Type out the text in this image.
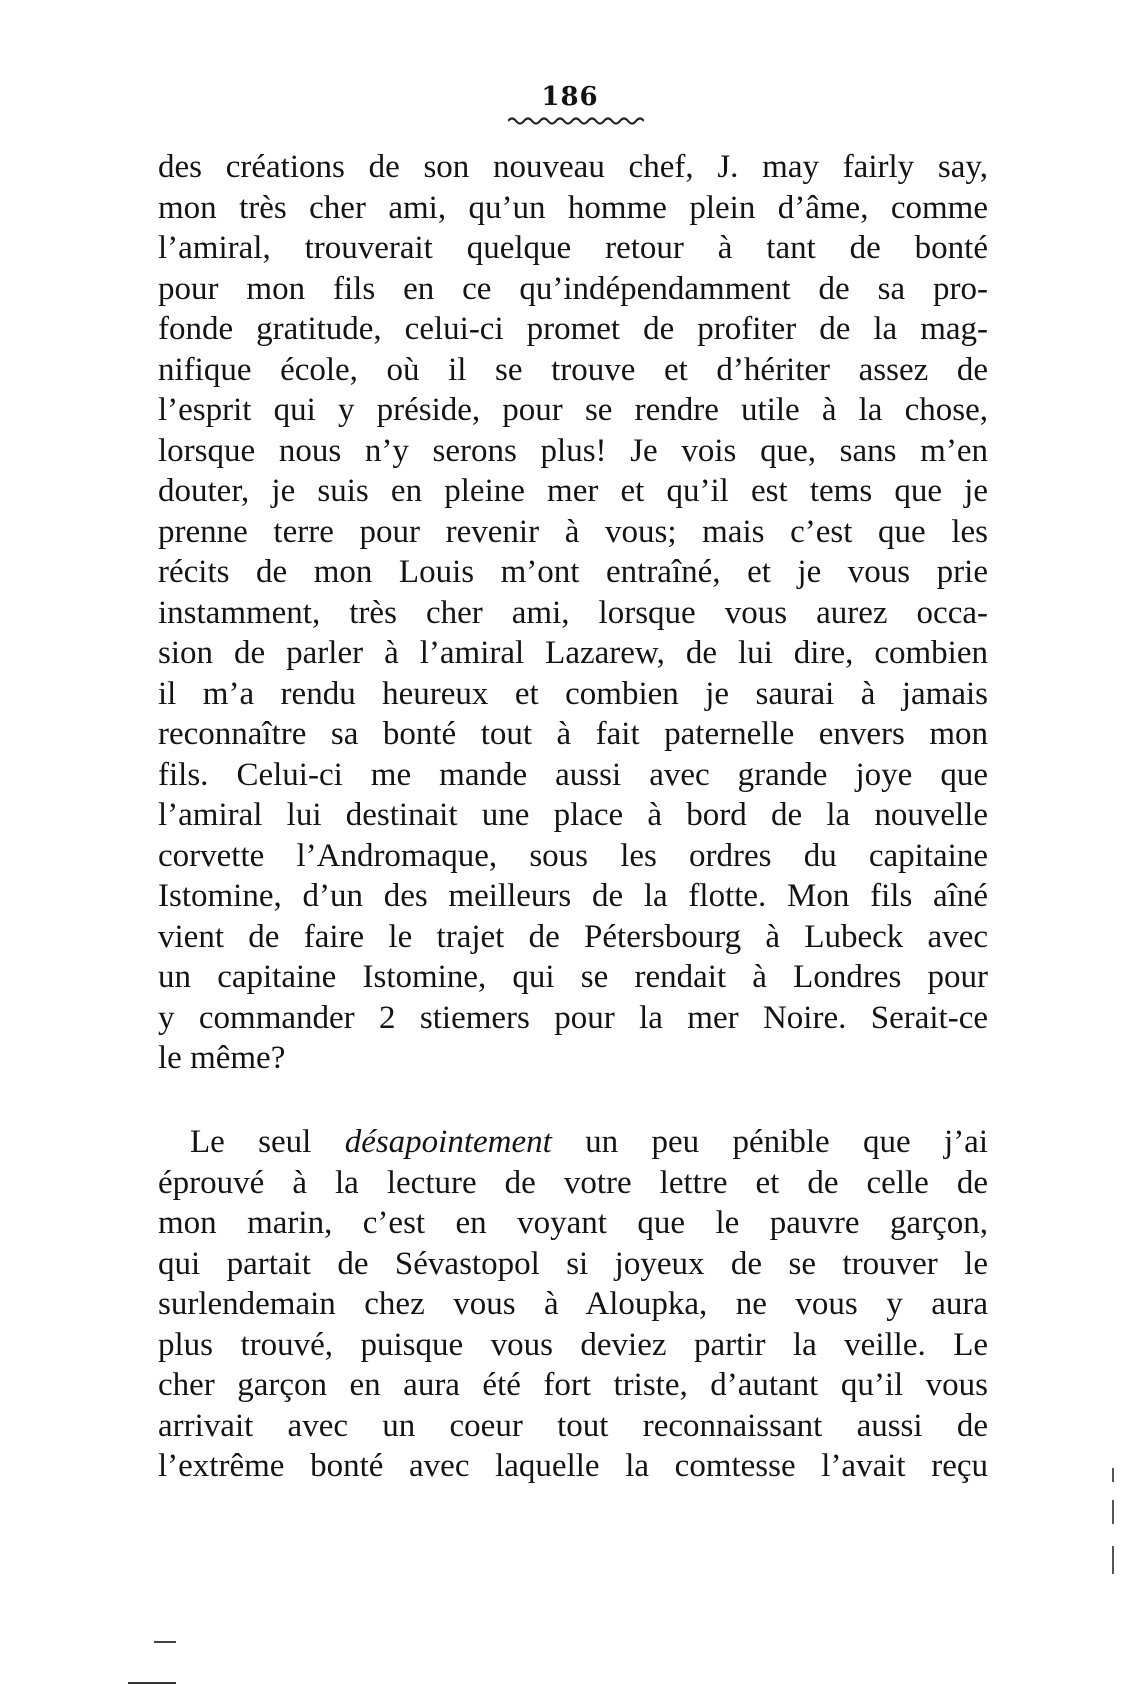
186
des créations de son nouveau chef, J. may fairly say,
mon très cher ami, qu’un homme plein d’âme, comme
l’amiral, trouverait quelque retour à tant de bonté
pour mon fils en ce qu’indépendamment de sa pro-
fonde gratitude, celui-ci promet de profiter de la mag-
nifique école, où il se trouve et d’hériter assez de
l’esprit qui y préside, pour se rendre utile à la chose,
lorsque nous n’y serons plus! Je vois que, sans m’en
douter, je suis en pleine mer et qu’il est tems que je
prenne terre pour revenir à vous; mais c’est que les
récits de mon Louis m’ont entraîné, et je vous prie
instamment, très cher ami, lorsque vous aurez occa-
sion de parler à l’amiral Lazarew, de lui dire, combien
il m’a rendu heureux et combien je saurai à jamais
reconnaître sa bonté tout à fait paternelle envers mon
fils. Celui-ci me mande aussi avec grande joye que
l’amiral lui destinait une place à bord de la nouvelle
corvette l’Andromaque, sous les ordres du capitaine
Istomine, d’un des meilleurs de la flotte. Mon fils aîné
vient de faire le trajet de Pétersbourg à Lubeck avec
un capitaine Istomine, qui se rendait à Londres pour
y commander 2 stiemers pour la mer Noire. Serait-ce
le même?
Le seul désapointement un peu pénible que j’ai
éprouvé à la lecture de votre lettre et de celle de
mon marin, c’est en voyant que le pauvre garçon,
qui partait de Sévastopol si joyeux de se trouver le
surlendemain chez vous à Aloupka, ne vous y aura
plus trouvé, puisque vous deviez partir la veille. Le
cher garçon en aura été fort triste, d’autant qu’il vous
arrivait avec un coeur tout reconnaissant aussi de
l’extrême bonté avec laquelle la comtesse l’avait reçu
